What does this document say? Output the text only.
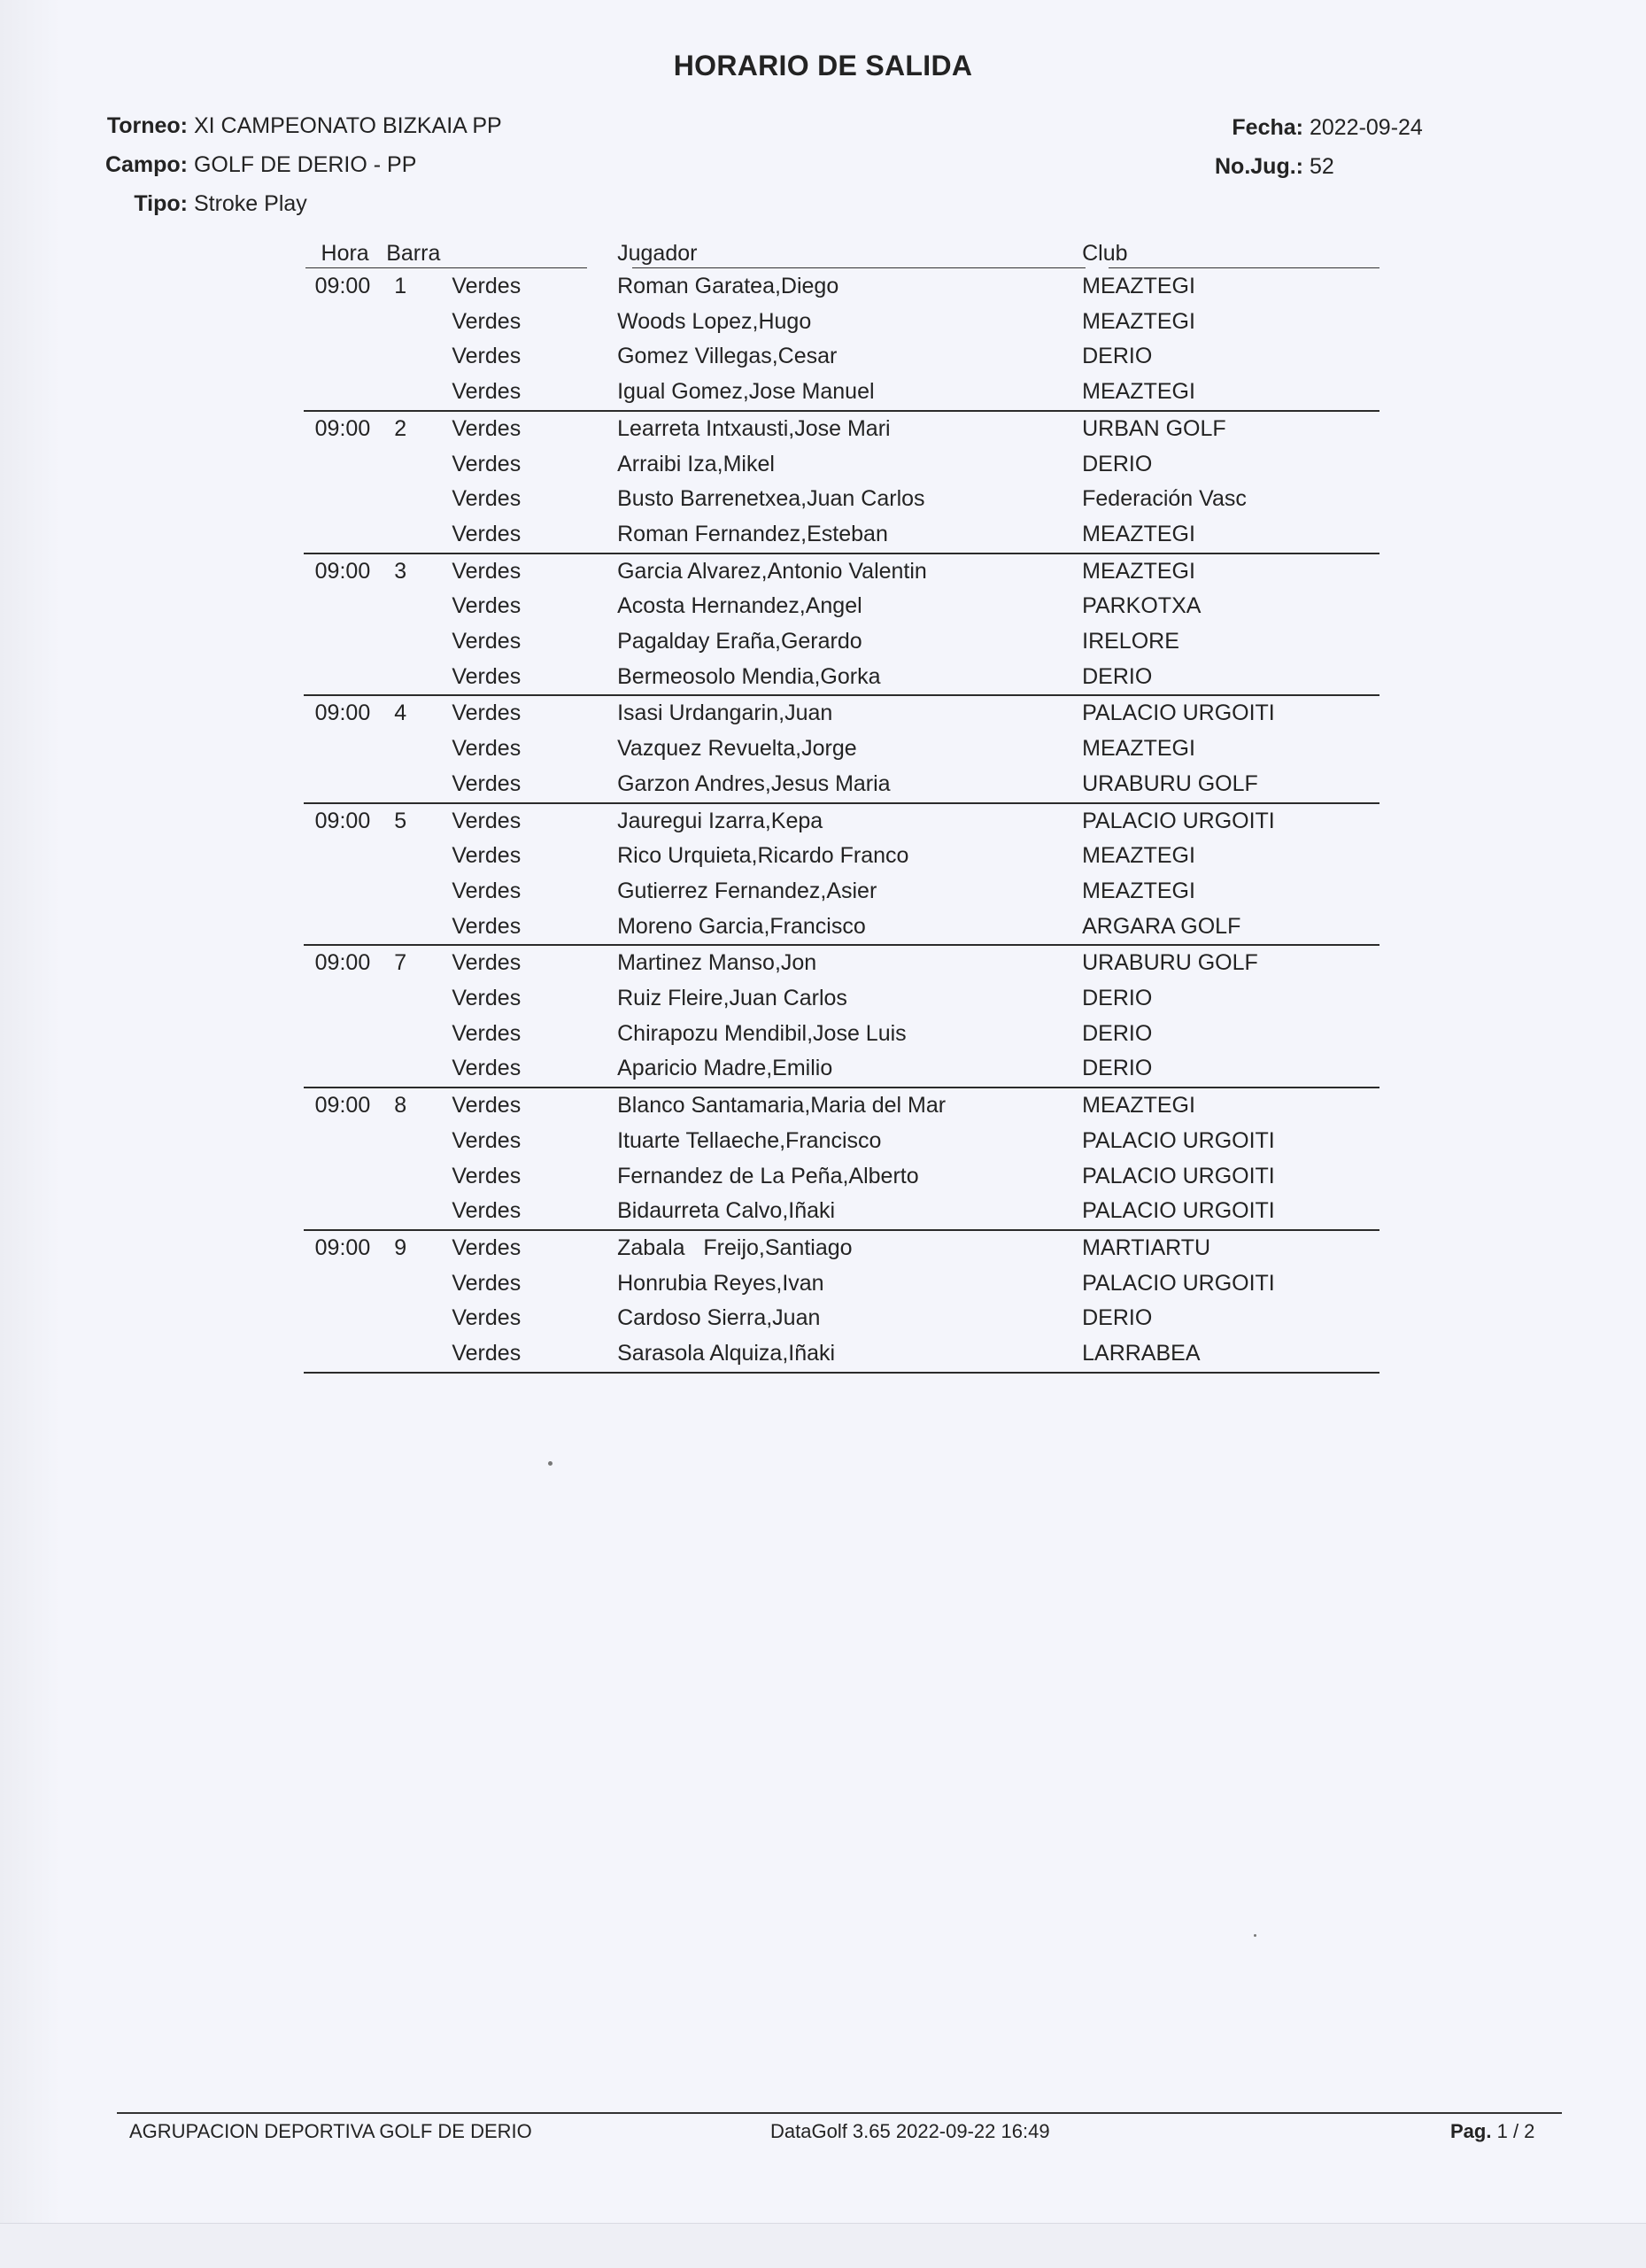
HORARIO DE SALIDA
Torneo: XI CAMPEONATO BIZKAIA PP
Campo: GOLF DE DERIO - PP
Tipo: Stroke Play
Fecha: 2022-09-24
No.Jug.: 52
Hora	Barra		Jugador	Club
09:00	1	Verdes	Roman Garatea,Diego	MEAZTEGI
		Verdes	Woods Lopez,Hugo	MEAZTEGI
		Verdes	Gomez Villegas,Cesar	DERIO
		Verdes	Igual Gomez,Jose Manuel	MEAZTEGI
09:00	2	Verdes	Learreta Intxausti,Jose Mari	URBAN GOLF
		Verdes	Arraibi Iza,Mikel	DERIO
		Verdes	Busto Barrenetxea,Juan Carlos	Federación Vasc
		Verdes	Roman Fernandez,Esteban	MEAZTEGI
09:00	3	Verdes	Garcia Alvarez,Antonio Valentin	MEAZTEGI
		Verdes	Acosta Hernandez,Angel	PARKOTXA
		Verdes	Pagalday Eraña,Gerardo	IRELORE
		Verdes	Bermeosolo Mendia,Gorka	DERIO
09:00	4	Verdes	Isasi Urdangarin,Juan	PALACIO URGOITI
		Verdes	Vazquez Revuelta,Jorge	MEAZTEGI
		Verdes	Garzon Andres,Jesus Maria	URABURU GOLF
09:00	5	Verdes	Jauregui Izarra,Kepa	PALACIO URGOITI
		Verdes	Rico Urquieta,Ricardo Franco	MEAZTEGI
		Verdes	Gutierrez Fernandez,Asier	MEAZTEGI
		Verdes	Moreno Garcia,Francisco	ARGARA GOLF
09:00	7	Verdes	Martinez Manso,Jon	URABURU GOLF
		Verdes	Ruiz Fleire,Juan Carlos	DERIO
		Verdes	Chirapozu Mendibil,Jose Luis	DERIO
		Verdes	Aparicio Madre,Emilio	DERIO
09:00	8	Verdes	Blanco Santamaria,Maria del Mar	MEAZTEGI
		Verdes	Ituarte Tellaeche,Francisco	PALACIO URGOITI
		Verdes	Fernandez de La Peña,Alberto	PALACIO URGOITI
		Verdes	Bidaurreta Calvo,Iñaki	PALACIO URGOITI
09:00	9	Verdes	Zabala   Freijo,Santiago	MARTIARTU
		Verdes	Honrubia Reyes,Ivan	PALACIO URGOITI
		Verdes	Cardoso Sierra,Juan	DERIO
		Verdes	Sarasola Alquiza,Iñaki	LARRABEA
AGRUPACION DEPORTIVA GOLF DE DERIO	DataGolf 3.65 2022-09-22 16:49	Pag. 1 / 2
